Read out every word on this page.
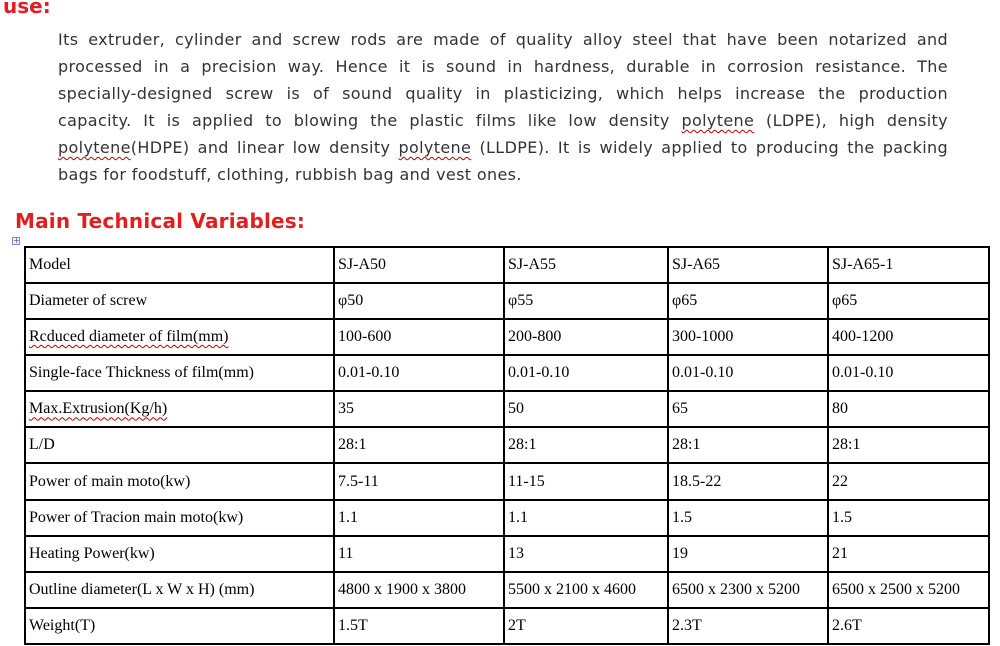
use:
Its extruder, cylinder and screw rods are made of quality alloy steel that have been notarized and
processed in a precision way. Hence it is sound in hardness, durable in corrosion resistance. The
specially-designed screw is of sound quality in plasticizing, which helps increase the production
capacity. It is applied to blowing the plastic films like low density polytene (LDPE), high density
polytene(HDPE) and linear low density polytene (LLDPE). It is widely applied to producing the packing
bags for foodstuff, clothing, rubbish bag and vest ones.
Main Technical Variables:
+
Model	SJ-A50	SJ-A55	SJ-A65	SJ-A65-1
Diameter of screw	φ50	φ55	φ65	φ65
Rcduced diameter of film(mm)	100-600	200-800	300-1000	400-1200
Single-face Thickness of film(mm)	0.01-0.10	0.01-0.10	0.01-0.10	0.01-0.10
Max.Extrusion(Kg/h)	35	50	65	80
L/D	28:1	28:1	28:1	28:1
Power of main moto(kw)	7.5-11	11-15	18.5-22	22
Power of Tracion main moto(kw)	1.1	1.1	1.5	1.5
Heating Power(kw)	11	13	19	21
Outline diameter(L x W x H) (mm)	4800 x 1900 x 3800	5500 x 2100 x 4600	6500 x 2300 x 5200	6500 x 2500 x 5200
Weight(T)	1.5T	2T	2.3T	2.6T
